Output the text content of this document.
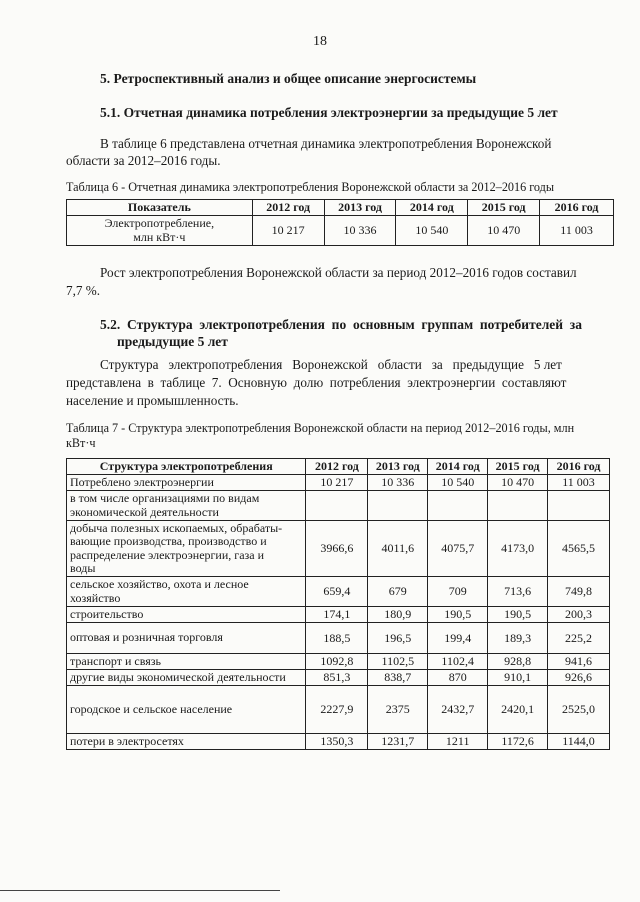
18
5. Ретроспективный анализ и общее описание энергосистемы
5.1. Отчетная динамика потребления электроэнергии за предыдущие 5 лет
В таблице 6 представлена отчетная динамика электропотребления Воронежской
области за 2012–2016 годы.
Таблица 6 - Отчетная динамика электропотребления Воронежской области за 2012–2016 годы
Показатель	2012 год	2013 год	2014 год	2015 год	2016 год

Электропотребление,
млн кВт·ч	10 217	10 336	10 540	10 470	11 003
Рост электропотребления Воронежской области за период 2012–2016 годов составил
7,7 %.
5.2.  Структура  электропотребления  по  основным  группам  потребителей  за
предыдущие 5 лет
Структура   электропотребления   Воронежской   области   за   предыдущие   5 лет
представлена  в  таблице  7.  Основную  долю  потребления  электроэнергии  составляют
население и промышленность.
Таблица 7 - Структура электропотребления Воронежской области на период 2012–2016 годы, млн
кВт·ч
Структура электропотребления	2012 год	2013 год	2014 год	2015 год	2016 год

Потреблено электроэнергии	10 217	10 336	10 540	10 470	11 003

в том числе организациями по видам
экономической деятельности					

добыча полезных ископаемых, обрабаты-
вающие производства, производство и
распределение электроэнергии, газа и
воды	3966,6	4011,6	4075,7	4173,0	4565,5

сельское хозяйство, охота и лесное
хозяйство	659,4	679	709	713,6	749,8

строительство	174,1	180,9	190,5	190,5	200,3

оптовая и розничная торговля	188,5	196,5	199,4	189,3	225,2

транспорт и связь	1092,8	1102,5	1102,4	928,8	941,6

другие виды экономической деятельности	851,3	838,7	870	910,1	926,6

городское и сельское население	2227,9	2375	2432,7	2420,1	2525,0

потери в электросетях	1350,3	1231,7	1211	1172,6	1144,0
